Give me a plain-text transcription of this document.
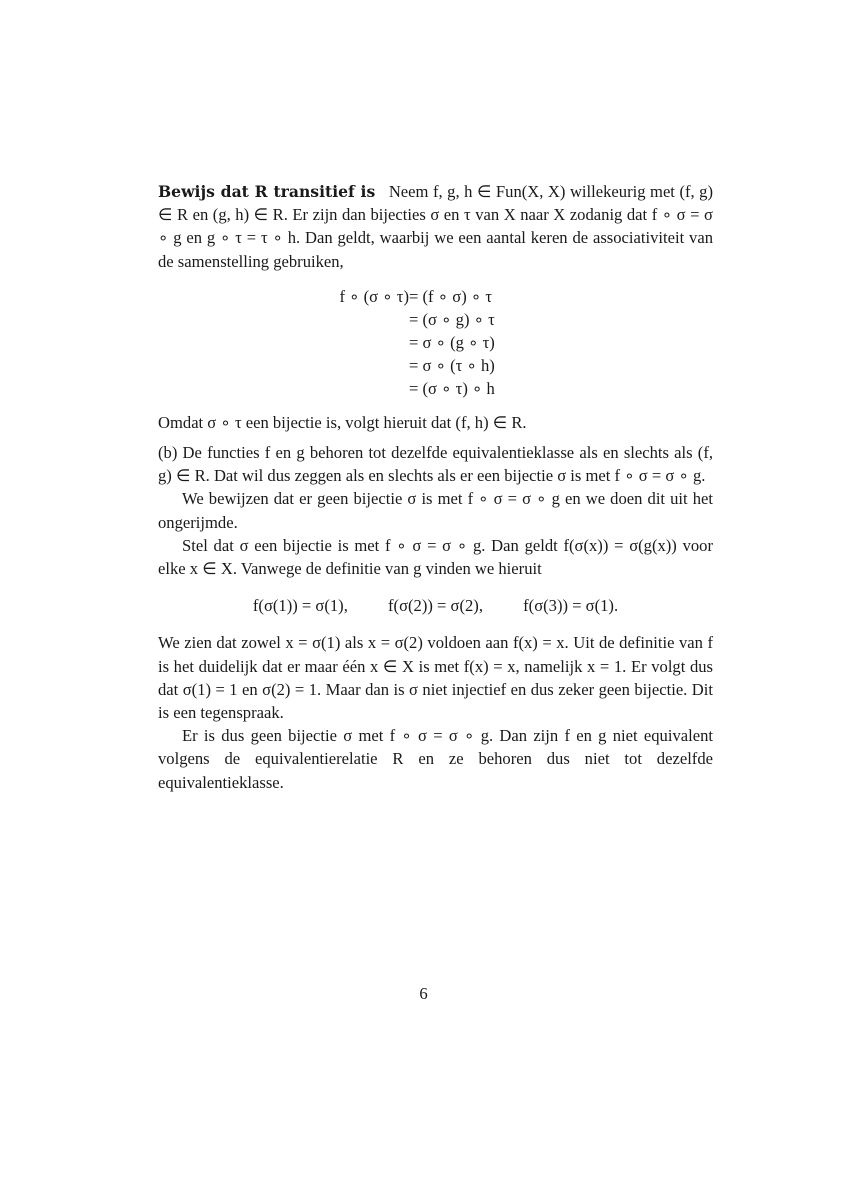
Bewijs dat R transitief is Neem f, g, h ∈ Fun(X, X) willekeurig met (f, g) ∈ R en (g, h) ∈ R. Er zijn dan bijecties σ en τ van X naar X zodanig dat f ∘ σ = σ ∘ g en g ∘ τ = τ ∘ h. Dan geldt, waarbij we een aantal keren de associativiteit van de samenstelling gebruiken,

f ∘ (σ ∘ τ) = (f ∘ σ) ∘ τ
= (σ ∘ g) ∘ τ
= σ ∘ (g ∘ τ)
= σ ∘ (τ ∘ h)
= (σ ∘ τ) ∘ h

Omdat σ ∘ τ een bijectie is, volgt hieruit dat (f, h) ∈ R.

(b) De functies f en g behoren tot dezelfde equivalentieklasse als en slechts als (f, g) ∈ R. Dat wil dus zeggen als en slechts als er een bijectie σ is met f ∘ σ = σ ∘ g.

We bewijzen dat er geen bijectie σ is met f ∘ σ = σ ∘ g en we doen dit uit het ongerijmde.

Stel dat σ een bijectie is met f ∘ σ = σ ∘ g. Dan geldt f(σ(x)) = σ(g(x)) voor elke x ∈ X. Vanwege de definitie van g vinden we hieruit

f(σ(1)) = σ(1), f(σ(2)) = σ(2), f(σ(3)) = σ(1).

We zien dat zowel x = σ(1) als x = σ(2) voldoen aan f(x) = x. Uit de definitie van f is het duidelijk dat er maar één x ∈ X is met f(x) = x, namelijk x = 1. Er volgt dus dat σ(1) = 1 en σ(2) = 1. Maar dan is σ niet injectief en dus zeker geen bijectie. Dit is een tegenspraak.

Er is dus geen bijectie σ met f ∘ σ = σ ∘ g. Dan zijn f en g niet equivalent volgens de equivalentierelatie R en ze behoren dus niet tot dezelfde equivalentieklasse.

6
